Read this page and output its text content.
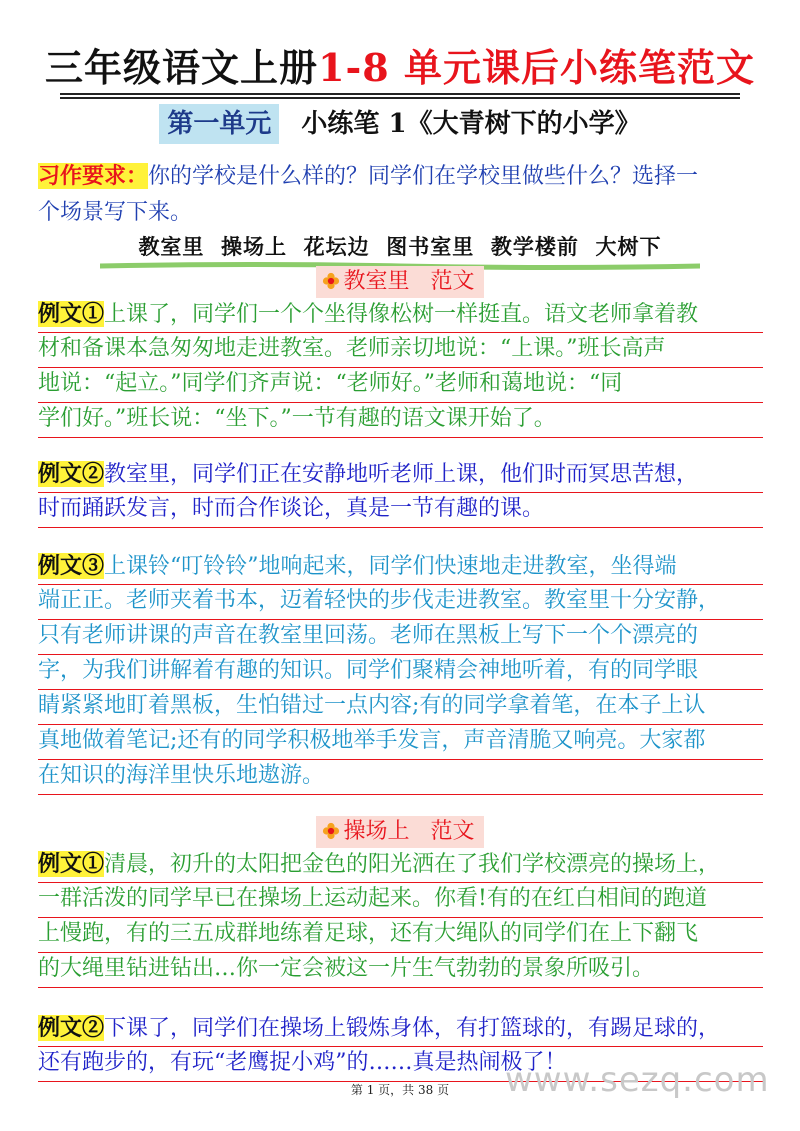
三年级语文上册1-8 单元课后小练笔范文
第一单元 小练笔 1《大青树下的小学》
习作要求：你的学校是什么样的？同学们在学校里做些什么？选择一
个场景写下来。
教室里  操场上  花坛边  图书室里  教学楼前  大树下
教室里   范文
例文①上课了，同学们一个个坐得像松树一样挺直。语文老师拿着教
材和备课本急匆匆地走进教室。老师亲切地说：“上课。”班长高声
地说：“起立。”同学们齐声说：“老师好。”老师和蔼地说：“同
学们好。”班长说：“坐下。”一节有趣的语文课开始了。
例文②教室里，同学们正在安静地听老师上课，他们时而冥思苦想，
时而踊跃发言，时而合作谈论，真是一节有趣的课。
例文③上课铃“叮铃铃”地响起来，同学们快速地走进教室，坐得端
端正正。老师夹着书本，迈着轻快的步伐走进教室。教室里十分安静，
只有老师讲课的声音在教室里回荡。老师在黑板上写下一个个漂亮的
字，为我们讲解着有趣的知识。同学们聚精会神地听着，有的同学眼
睛紧紧地盯着黑板，生怕错过一点内容;有的同学拿着笔，在本子上认
真地做着笔记;还有的同学积极地举手发言，声音清脆又响亮。大家都
在知识的海洋里快乐地遨游。
操场上   范文
例文①清晨，初升的太阳把金色的阳光洒在了我们学校漂亮的操场上，
一群活泼的同学早已在操场上运动起来。你看!有的在红白相间的跑道
上慢跑，有的三五成群地练着足球，还有大绳队的同学们在上下翻飞
的大绳里钻进钻出…你一定会被这一片生气勃勃的景象所吸引。
例文②下课了，同学们在操场上锻炼身体，有打篮球的，有踢足球的，
还有跑步的，有玩“老鹰捉小鸡”的……真是热闹极了！
www.sezq.com
第 1 页，共 38 页
